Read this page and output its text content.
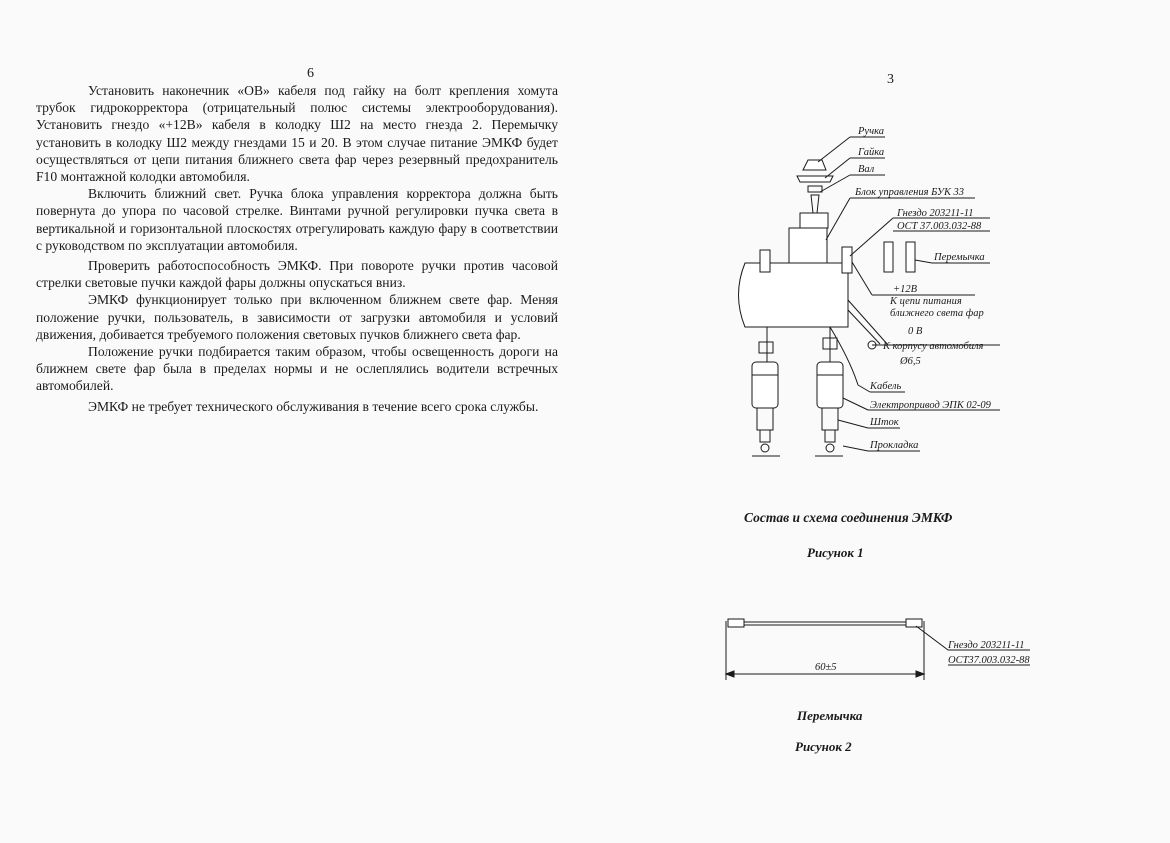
6

Установить наконечник «ОВ» кабеля под гайку на болт крепления хомута трубок гидрокорректора (отрицательный полюс системы электрооборудования). Установить гнездо «+12В» кабеля в колодку Ш2 на место гнезда 2. Перемычку установить в колодку Ш2 между гнездами 15 и 20. В этом случае питание ЭМКФ будет осуществляться от цепи питания ближнего света фар через резервный предохранитель F10 монтажной колодки автомобиля.

Включить ближний свет. Ручка блока управления корректора должна быть повернута до упора по часовой стрелке. Винтами ручной регулировки пучка света в вертикальной и горизонтальной плоскостях отрегулировать каждую фару в соответствии с руководством по эксплуатации автомобиля.

Проверить работоспособность ЭМКФ. При повороте ручки против часовой стрелки световые пучки каждой фары должны опускаться вниз.

ЭМКФ функционирует только при включенном ближнем свете фар. Меняя положение ручки, пользователь, в зависимости от загрузки автомобиля и условий движения, добивается требуемого положения световых пучков ближнего света фар.

Положение ручки подбирается таким образом, чтобы освещенность дороги на ближнем свете фар была в пределах нормы и не ослеплялись водители встречных автомобилей.

ЭМКФ не требует технического обслуживания в течение всего срока службы.

3
Ручка
Гайка
Вал
Блок управления БУК 33
Гнездо 203211-11
ОСТ 37.003.032-88
Перемычка
+12В
К цепи питания
ближнего света фар
0 В
К корпусу автомобиля
Ø6,5
Кабель
Электропривод ЭПК 02-09
Шток
Прокладка
Гнездо 203211-11
ОСТ37.003.032-88
60±5
Состав и схема соединения ЭМКФ
Рисунок 1
Перемычка
Рисунок 2
